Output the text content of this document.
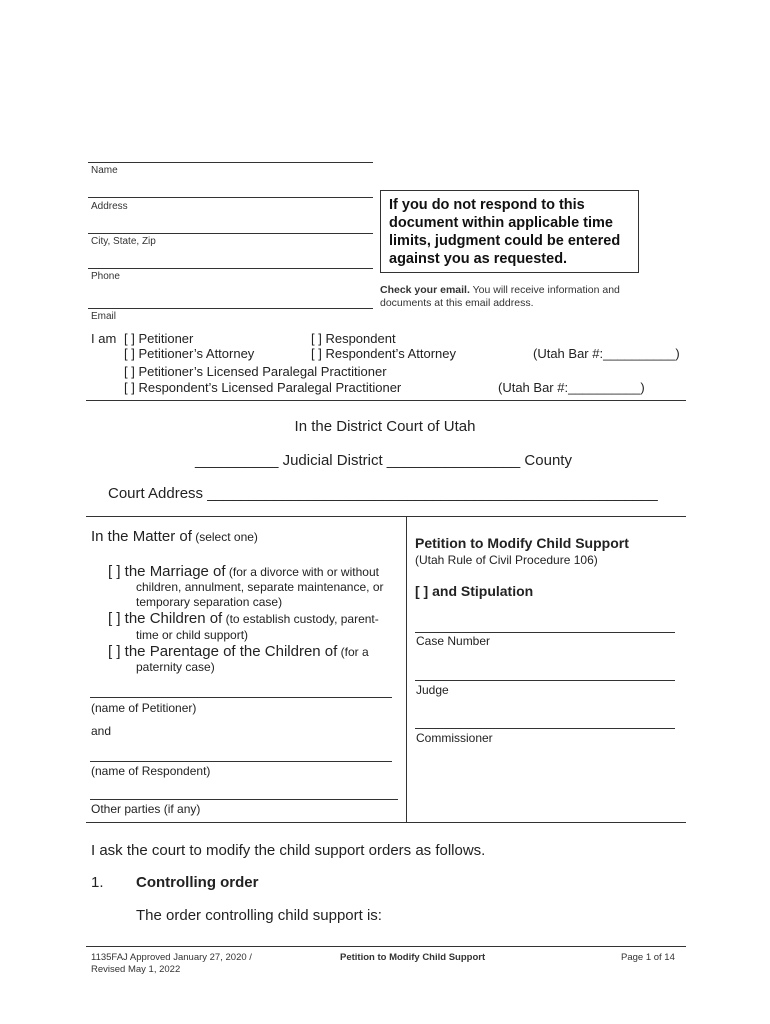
Name
Address
City, State, Zip
Phone
Email
If you do not respond to this document within applicable time limits, judgment could be entered against you as requested.
Check your email. You will receive information and documents at this email address.
I am [ ] Petitioner	[ ] Respondent
[ ] Petitioner’s Attorney	[ ] Respondent’s Attorney	(Utah Bar #:__________)
[ ] Petitioner’s Licensed Paralegal Practitioner
[ ] Respondent’s Licensed Paralegal Practitioner	(Utah Bar #:__________)
In the District Court of Utah
__________ Judicial District ________________ County
Court Address ______________________________________________________
In the Matter of (select one)
[ ] the Marriage of (for a divorce with or without
children, annulment, separate maintenance, or
temporary separation case)
[ ] the Children of (to establish custody, parent-
time or child support)
[ ] the Parentage of the Children of (for a
paternity case)
(name of Petitioner)
and
(name of Respondent)
Other parties (if any)
Petition to Modify Child Support
(Utah Rule of Civil Procedure 106)
[ ] and Stipulation
Case Number
Judge
Commissioner
I ask the court to modify the child support orders as follows.
1. Controlling order
The order controlling child support is:
1135FAJ Approved January 27, 2020 /
Revised May 1, 2022
Petition to Modify Child Support	Page 1 of 14
